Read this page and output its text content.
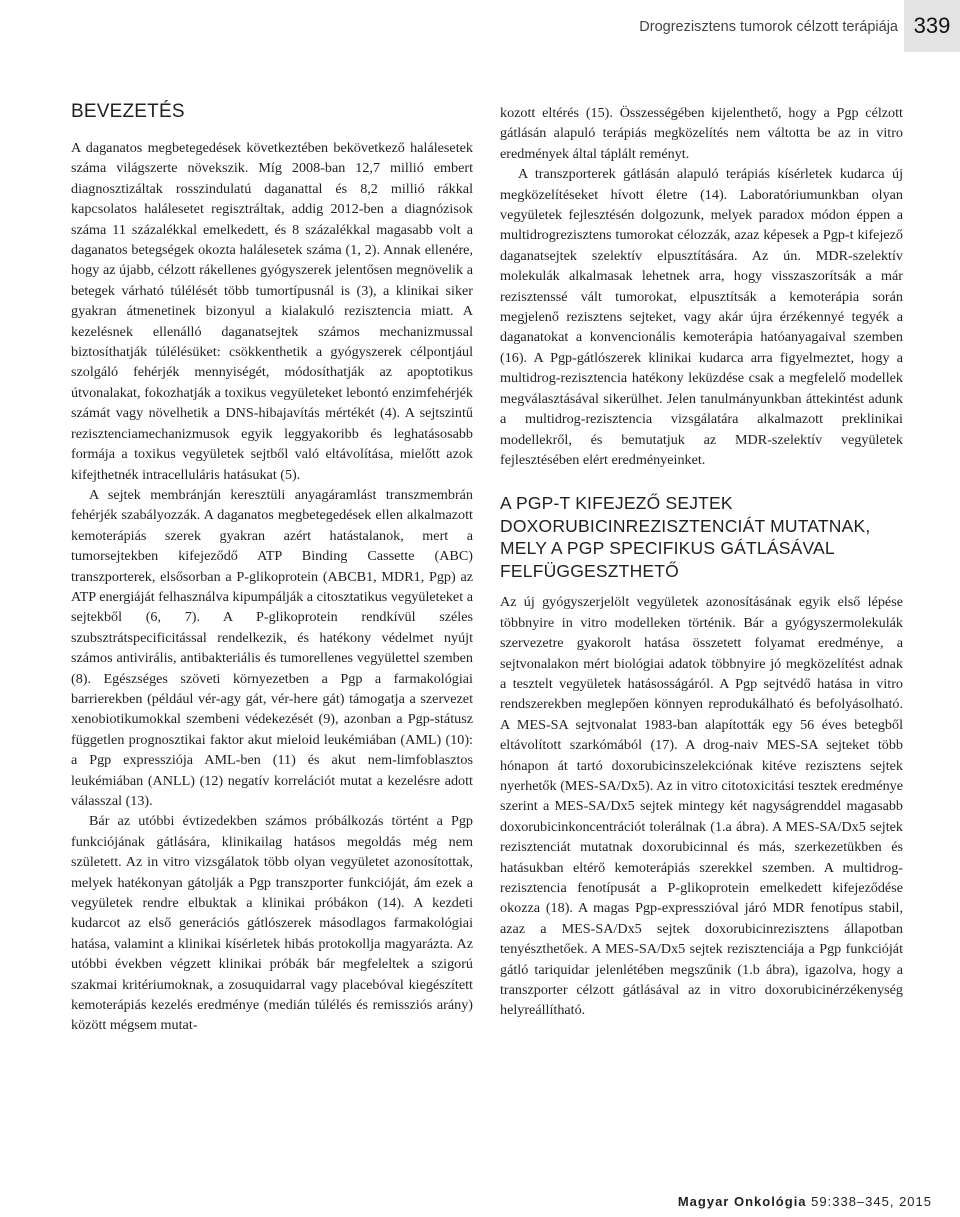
Drogrezisztens tumorok célzott terápiája 339
BEVEZETÉS

A daganatos megbetegedések következtében bekövetkező halálesetek száma világszerte növekszik. Míg 2008-ban 12,7 millió embert diagnosztizáltak rosszindulatú daganattal és 8,2 millió rákkal kapcsolatos halálesetet regisztráltak, addig 2012-ben a diagnózisok száma 11 százalékkal emelkedett, és 8 százalékkal magasabb volt a daganatos betegségek okozta halálesetek száma (1, 2). Annak ellenére, hogy az újabb, célzott rákellenes gyógyszerek jelentősen megnövelik a betegek várható túlélését több tumortípusnál is (3), a klinikai siker gyakran átmenetinek bizonyul a kialakuló rezisztencia miatt. A kezelésnek ellenálló daganatsejtek számos mechanizmussal biztosíthatják túlélésüket: csökkenthetik a gyógyszerek célpontjául szolgáló fehérjék mennyiségét, módosíthatják az apoptotikus útvonalakat, fokozhatják a toxikus vegyületeket lebontó enzimfehérjék számát vagy növelhetik a DNS-hibajavítás mértékét (4). A sejtszintű rezisztenciamechanizmusok egyik leggyakoribb és leghatásosabb formája a toxikus vegyületek sejtből való eltávolítása, mielőtt azok kifejthetnék intracelluláris hatásukat (5).

A sejtek membránján keresztüli anyagáramlást transzmembrán fehérjék szabályozzák. A daganatos megbetegedések ellen alkalmazott kemoterápiás szerek gyakran azért hatástalanok, mert a tumorsejtekben kifejeződő ATP Binding Cassette (ABC) transzporterek, elsősorban a P-glikoprotein (ABCB1, MDR1, Pgp) az ATP energiáját felhasználva kipumpálják a citosztatikus vegyületeket a sejtekből (6, 7). A P-glikoprotein rendkívül széles szubsztrátspecificitással rendelkezik, és hatékony védelmet nyújt számos antivirális, antibakteriális és tumorellenes vegyülettel szemben (8). Egészséges szöveti környezetben a Pgp a farmakológiai barrierekben (például vér-agy gát, vér-here gát) támogatja a szervezet xenobiotikumokkal szembeni védekezését (9), azonban a Pgp-státusz független prognosztikai faktor akut mieloid leukémiában (AML) (10): a Pgp expressziója AML-ben (11) és akut nem-limfoblasztos leukémiában (ANLL) (12) negatív korrelációt mutat a kezelésre adott válasszal (13).

Bár az utóbbi évtizedekben számos próbálkozás történt a Pgp funkciójának gátlására, klinikailag hatásos megoldás még nem született. Az in vitro vizsgálatok több olyan vegyületet azonosítottak, melyek hatékonyan gátolják a Pgp transzporter funkcióját, ám ezek a vegyületek rendre elbuktak a klinikai próbákon (14). A kezdeti kudarcot az első generációs gátlószerek másodlagos farmakológiai hatása, valamint a klinikai kísérletek hibás protokollja magyarázta. Az utóbbi években végzett klinikai próbák bár megfeleltek a szigorú szakmai kritériumoknak, a zosuquidarral vagy placebóval kiegészített kemoterápiás kezelés eredménye (medián túlélés és remissziós arány) között mégsem mutat-

kozott eltérés (15). Összességében kijelenthető, hogy a Pgp célzott gátlásán alapuló terápiás megközelítés nem váltotta be az in vitro eredmények által táplált reményt.

A transzporterek gátlásán alapuló terápiás kísérletek kudarca új megközelítéseket hívott életre (14). Laboratóriumunkban olyan vegyületek fejlesztésén dolgozunk, melyek paradox módon éppen a multidrogrezisztens tumorokat célozzák, azaz képesek a Pgp-t kifejező daganatsejtek szelektív elpusztítására. Az ún. MDR-szelektív molekulák alkalmasak lehetnek arra, hogy visszaszorítsák a már rezisztenssé vált tumorokat, elpusztítsák a kemoterápia során megjelenő rezisztens sejteket, vagy akár újra érzékennyé tegyék a daganatokat a konvencionális kemoterápia hatóanyagaival szemben (16). A Pgp-gátlószerek klinikai kudarca arra figyelmeztet, hogy a multidrog-rezisztencia hatékony leküzdése csak a megfelelő modellek megválasztásával sikerülhet. Jelen tanulmányunkban áttekintést adunk a multidrog-rezisztencia vizsgálatára alkalmazott preklinikai modellekről, és bemutatjuk az MDR-szelektív vegyületek fejlesztésében elért eredményeinket.

A PGP-T KIFEJEZŐ SEJTEK DOXORUBICINREZISZTENCIÁT MUTATNAK, MELY A PGP SPECIFIKUS GÁTLÁSÁVAL FELFÜGGESZTHETŐ

Az új gyógyszerjelölt vegyületek azonosításának egyik első lépése többnyire in vitro modelleken történik. Bár a gyógyszermolekulák szervezetre gyakorolt hatása összetett folyamat eredménye, a sejtvonalakon mért biológiai adatok többnyire jó megközelítést adnak a tesztelt vegyületek hatásosságáról. A Pgp sejtvédő hatása in vitro rendszerekben meglepően könnyen reprodukálható és befolyásolható. A MES-SA sejtvonalat 1983-ban alapították egy 56 éves betegből eltávolított szarkómából (17). A drog-naiv MES-SA sejteket több hónapon át tartó doxorubicinszelekciónak kitéve rezisztens sejtek nyerhetők (MES-SA/Dx5). Az in vitro citotoxicitási tesztek eredménye szerint a MES-SA/Dx5 sejtek mintegy két nagyságrenddel magasabb doxorubicinkoncentrációt tolerálnak (1.a ábra). A MES-SA/Dx5 sejtek rezisztenciát mutatnak doxorubicinnal és más, szerkezetükben és hatásukban eltérő kemoterápiás szerekkel szemben. A multidrog-rezisztencia fenotípusát a P-glikoprotein emelkedett kifejeződése okozza (18). A magas Pgp-expresszióval járó MDR fenotípus stabil, azaz a MES-SA/Dx5 sejtek doxorubicinrezisztens állapotban tenyészthetőek. A MES-SA/Dx5 sejtek rezisztenciája a Pgp funkcióját gátló tariquidar jelenlétében megszűnik (1.b ábra), igazolva, hogy a transzporter célzott gátlásával az in vitro doxorubicinérzékenység helyreállítható.

Magyar Onkológia 59:338–345, 2015
